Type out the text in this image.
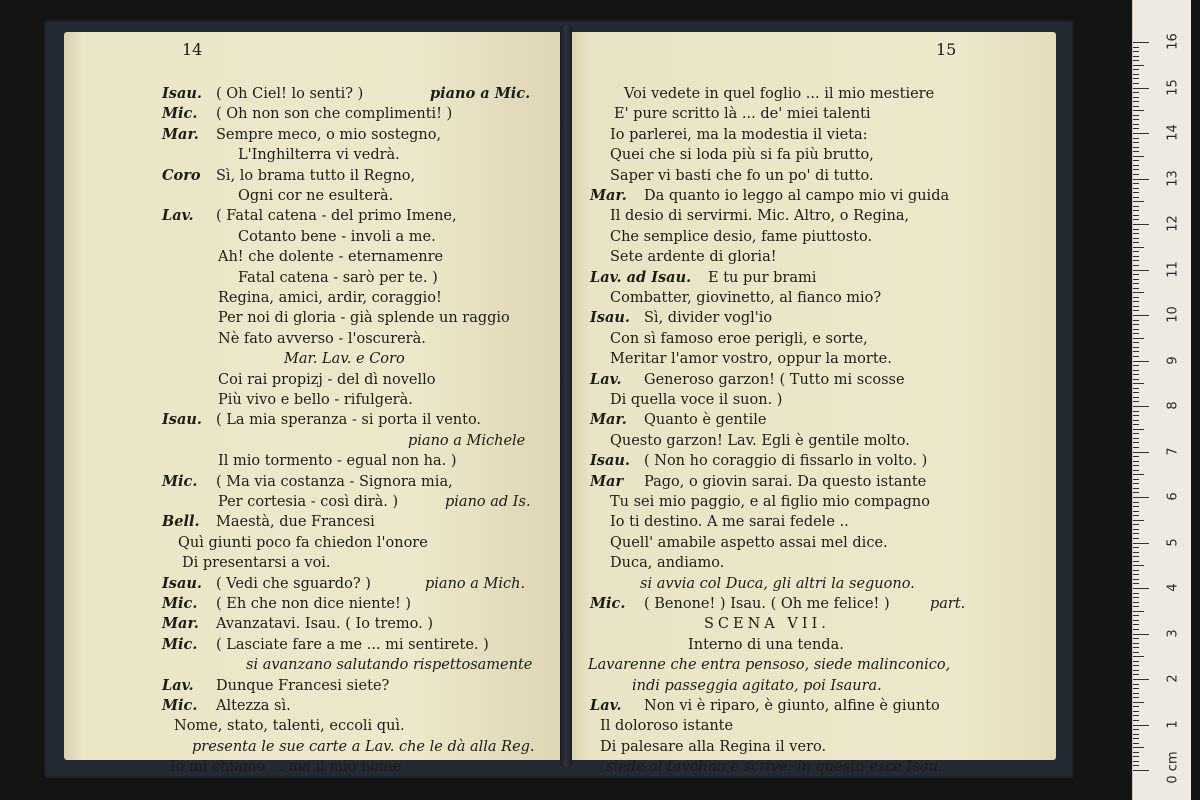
14	15
Isau. ( Oh Ciel! lo senti? )	piano a Mic.
Mic. ( Oh non son che complimenti! )
Mar. Sempre meco, o mio sostegno,
L'Inghilterra vi vedrà.
Coro Sì, lo brama tutto il Regno,
Ogni cor ne esulterà.
Lav. ( Fatal catena - del primo Imene,
Cotanto bene - involi a me.
Ah! che dolente - eternamenre
Fatal catena - sarò per te. )
Regina, amici, ardir, coraggio!
Per noi di gloria - già splende un raggio
Nè fato avverso - l'oscurerà.
Mar. Lav. e Coro
Coi rai propizj - del dì novello
Più vivo e bello - rifulgerà.
Isau. ( La mia speranza - si porta il vento.
piano a Michele
Il mio tormento - egual non ha. )
Mic. ( Ma via costanza - Signora mia,
Per cortesia - così dirà. )	piano ad Is.
Bell. Maestà, due Francesi
Quì giunti poco fa chiedon l'onore
Di presentarsi a voi.
Isau. ( Vedi che sguardo? )	piano a Mich.
Mic. ( Eh che non dice niente! )
Mar. Avanzatavi. Isau. ( Io tremo. )
Mic. ( Lasciate fare a me ... mi sentirete. )
si avanzano salutando rispettosamente
Lav. Dunque Francesi siete?
Mic. Altezza sì.
Nome, stato, talenti, eccoli quì.
presenta le sue carte a Lav. che le dà alla Reg.
Io mi chiamo ... ma il mio nome
Voi vedete in quel foglio ... il mio mestiere
E' pure scritto là ... de' miei talenti
Io parlerei, ma la modestia il vieta:
Quei che si loda più si fa più brutto,
Saper vi basti che fo un po' di tutto.
Mar. Da quanto io leggo al campo mio vi guida
Il desio di servirmi. Mic. Altro, o Regina,
Che semplice desio, fame piuttosto.
Sete ardente di gloria!
Lav. ad Isau. E tu pur brami
Combatter, giovinetto, al fianco mio?
Isau. Sì, divider vogl'io
Con sì famoso eroe perigli, e sorte,
Meritar l'amor vostro, oppur la morte.
Lav. Generoso garzon! ( Tutto mi scosse
Di quella voce il suon. )
Mar. Quanto è gentile
Questo garzon! Lav. Egli è gentile molto.
Isau. ( Non ho coraggio di fissarlo in volto. )
Mar Pago, o giovin sarai. Da questo istante
Tu sei mio paggio, e al figlio mio compagno
Io ti destino. A me sarai fedele ..
Quell' amabile aspetto assai mel dice.
Duca, andiamo.
si avvia col Duca, gli altri la seguono.
Mic. ( Benone! ) Isau. ( Oh me felice! )	part.
SCENA VII.
Interno di una tenda.
Lavarenne che entra pensoso, siede malinconico,
indi passeggia agitato, poi Isaura.
Lav. Non vi è riparo, è giunto, alfine è giunto
Il doloroso istante
Di palesare alla Regina il vero.
siede al tavolino e scrive: in questo esce Isau.	0 cm
1
2
3
4
5
6
7
8
9
10
11
12
13
14
15
16
